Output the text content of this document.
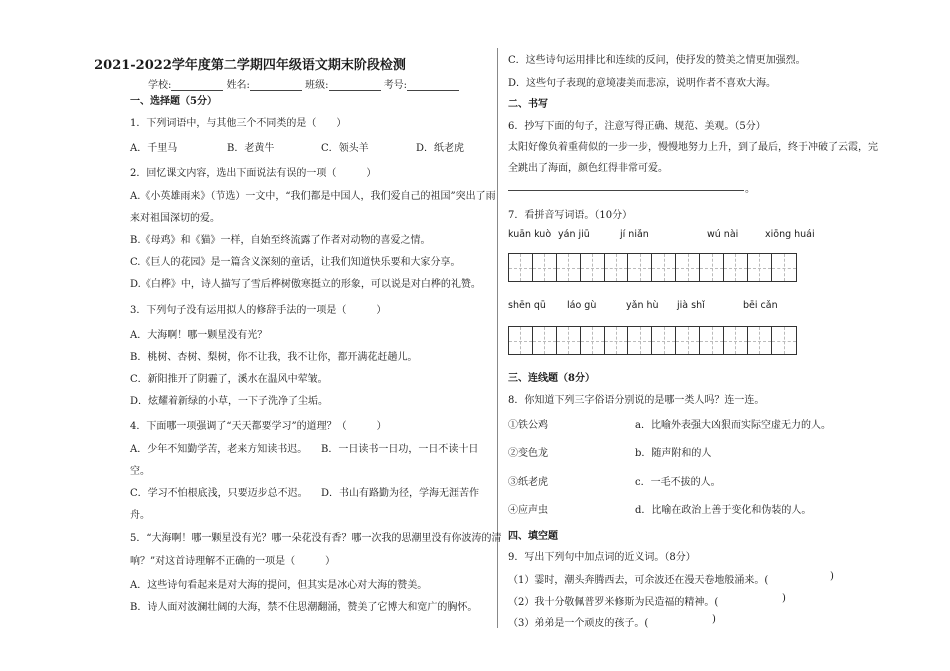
2021-2022学年度第二学期四年级语文期末阶段检测
学校:	姓名:	班级:	考号:
一、选择题（5分）
1．下列词语中，与其他三个不同类的是（　　）
A．千里马	B．老黄牛	C．领头羊	D．纸老虎
2．回忆课文内容，选出下面说法有误的一项（　　　）
A.《小英雄雨来》（节选）一文中，“我们都是中国人，我们爱自己的祖国”突出了雨
来对祖国深切的爱。
B.《母鸡》和《猫》一样，自始至终流露了作者对动物的喜爱之情。
C.《巨人的花园》是一篇含义深刻的童话，让我们知道快乐要和大家分享。
D.《白桦》中，诗人描写了雪后桦树傲寒挺立的形象，可以说是对白桦的礼赞。
3．下列句子没有运用拟人的修辞手法的一项是（　　　）
A．大海啊！哪一颗星没有光？
B．桃树、杏树、梨树，你不让我，我不让你，都开满花赶趟儿。
C．新阳推开了阴霾了，溪水在温风中荤皱。
D．炫耀着新绿的小草，一下子洗净了尘垢。
4．下面哪一项强调了“天天都要学习”的道理？（　　　）
A．少年不知勤学苦，老来方知读书迟。 B．一日读书一日功，一日不读十日
空。
C．学习不怕根底浅，只要迈步总不迟。 D．书山有路勤为径，学海无涯苦作
舟。
5．“大海啊！哪一颗星没有光？哪一朵花没有香？哪一次我的思潮里没有你波涛的清
响？”对这首诗理解不正确的一项是（　　　）
A．这些诗句看起来是对大海的提问，但其实是冰心对大海的赞美。
B．诗人面对波澜壮阔的大海，禁不住思潮翻涌，赞美了它博大和宽广的胸怀。
C．这些诗句运用排比和连续的反问，使抒发的赞美之情更加强烈。
D．这些句子表现的意境凄美而悲凉，说明作者不喜欢大海。
二、书写
6．抄写下面的句子，注意写得正确、规范、美观。（5分）
太阳好像负着重荷似的一步一步，慢慢地努力上升，到了最后，终于冲破了云霞，完
全跳出了海面，颜色红得非常可爱。
。
7．看拼音写词语。（10分）
kuān kuò yán jiū	jí niǎn	wú nài	xiōng huái
shēn qū láo gù	yǎn hù jià shǐ	bēi cǎn
三、连线题（8分）
8．你知道下列三字俗语分别说的是哪一类人吗？连一连。
①铁公鸡	a．比喻外表强大凶狠而实际空虚无力的人。
②变色龙	b．随声附和的人
③纸老虎	c．一毛不拔的人。
④应声虫	d．比喻在政治上善于变化和伪装的人。
四、填空题
9．写出下列句中加点词的近义词。（8分）
（1）霎时，潮头奔腾西去，可余波还在漫天卷地般涌来。(	)
（2）我十分敬佩普罗米修斯为民造福的精神。(	)
（3）弟弟是一个顽皮的孩子。(	)
